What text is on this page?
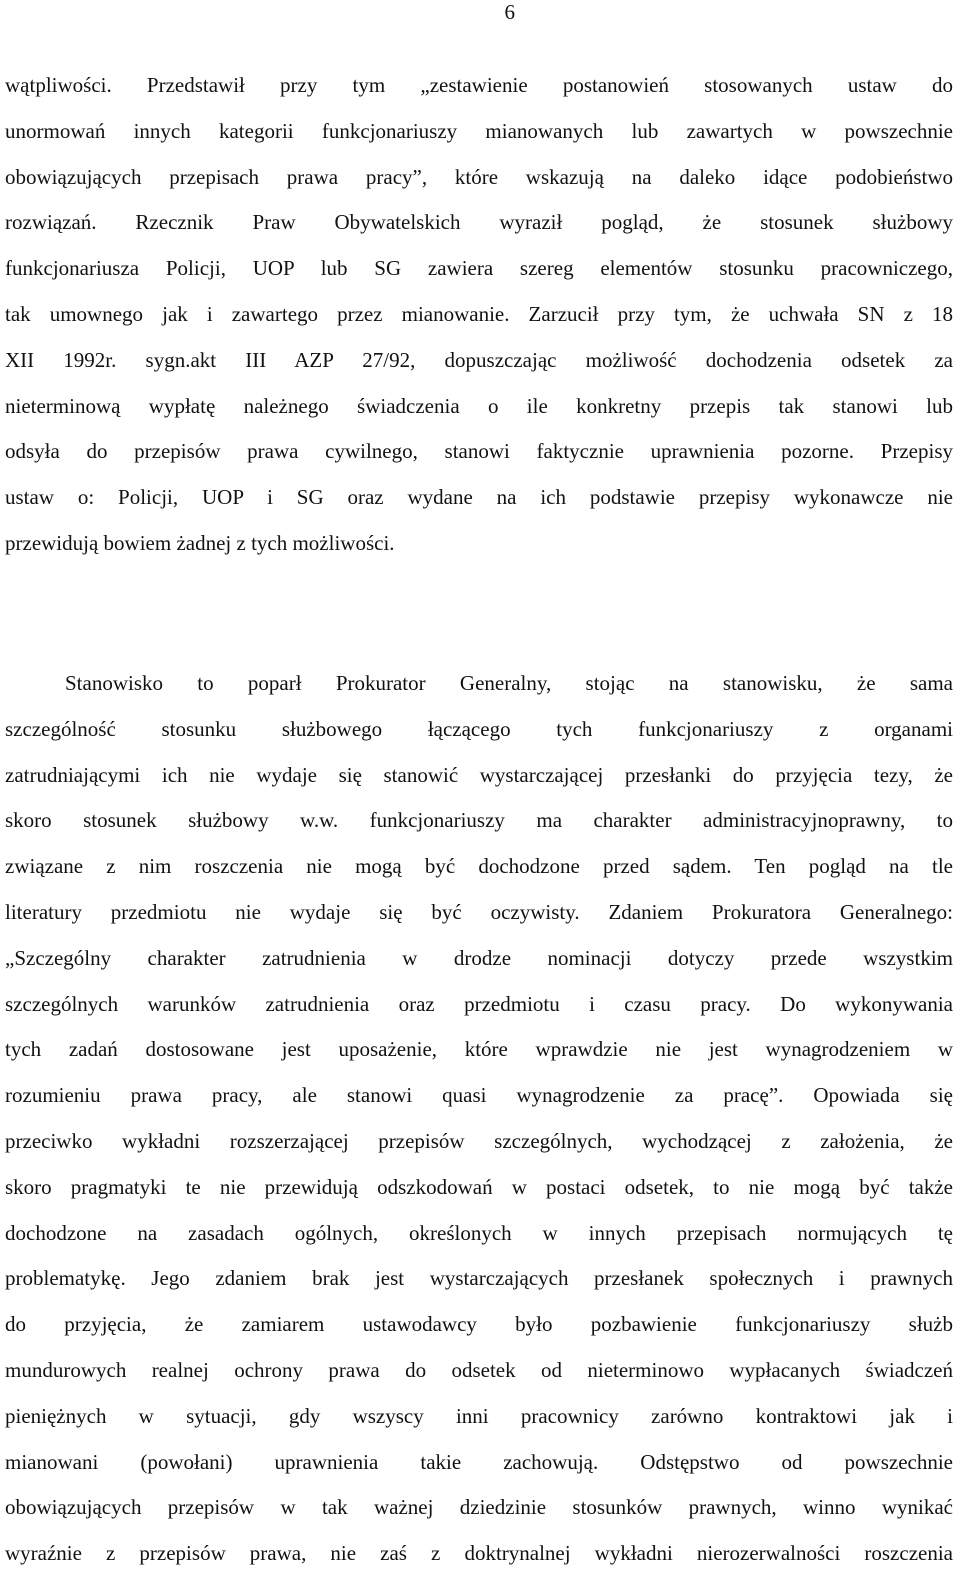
6
wątpliwości. Przedstawił przy tym „zestawienie postanowień stosowanych ustaw do
unormowań innych kategorii funkcjonariuszy mianowanych lub zawartych w powszechnie
obowiązujących przepisach prawa pracy”, które wskazują na daleko idące podobieństwo
rozwiązań. Rzecznik Praw Obywatelskich wyraził pogląd, że stosunek służbowy
funkcjonariusza Policji, UOP lub SG zawiera szereg elementów stosunku pracowniczego,
tak umownego jak i zawartego przez mianowanie. Zarzucił przy tym, że uchwała SN z 18
XII 1992r. sygn.akt III AZP 27/92, dopuszczając możliwość dochodzenia odsetek za
nieterminową wypłatę należnego świadczenia o ile konkretny przepis tak stanowi lub
odsyła do przepisów prawa cywilnego, stanowi faktycznie uprawnienia pozorne. Przepisy
ustaw o: Policji, UOP i SG oraz wydane na ich podstawie przepisy wykonawcze nie
przewidują bowiem żadnej z tych możliwości.
Stanowisko to poparł Prokurator Generalny, stojąc na stanowisku, że sama
szczególność stosunku służbowego łączącego tych funkcjonariuszy z organami
zatrudniającymi ich nie wydaje się stanowić wystarczającej przesłanki do przyjęcia tezy, że
skoro stosunek służbowy w.w. funkcjonariuszy ma charakter administracyjnoprawny, to
związane z nim roszczenia nie mogą być dochodzone przed sądem. Ten pogląd na tle
literatury przedmiotu nie wydaje się być oczywisty. Zdaniem Prokuratora Generalnego:
„Szczególny charakter zatrudnienia w drodze nominacji dotyczy przede wszystkim
szczególnych warunków zatrudnienia oraz przedmiotu i czasu pracy. Do wykonywania
tych zadań dostosowane jest uposażenie, które wprawdzie nie jest wynagrodzeniem w
rozumieniu prawa pracy, ale stanowi quasi wynagrodzenie za pracę”. Opowiada się
przeciwko wykładni rozszerzającej przepisów szczególnych, wychodzącej z założenia, że
skoro pragmatyki te nie przewidują odszkodowań w postaci odsetek, to nie mogą być także
dochodzone na zasadach ogólnych, określonych w innych przepisach normujących tę
problematykę. Jego zdaniem brak jest wystarczających przesłanek społecznych i prawnych
do przyjęcia, że zamiarem ustawodawcy było pozbawienie funkcjonariuszy służb
mundurowych realnej ochrony prawa do odsetek od nieterminowo wypłacanych świadczeń
pieniężnych w sytuacji, gdy wszyscy inni pracownicy zarówno kontraktowi jak i
mianowani (powołani) uprawnienia takie zachowują. Odstępstwo od powszechnie
obowiązujących przepisów w tak ważnej dziedzinie stosunków prawnych, winno wynikać
wyraźnie z przepisów prawa, nie zaś z doktrynalnej wykładni nierozerwalności roszczenia
